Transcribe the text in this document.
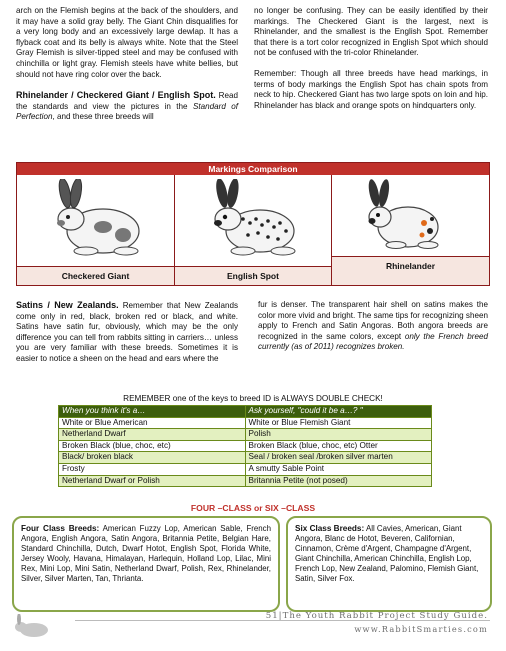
arch on the Flemish begins at the back of the shoulders, and it may have a solid gray belly. The Giant Chin disqualifies for a very long body and an excessively large dewlap. It has a flyback coat and its belly is always white. Note that the Steel Gray Flemish is silver-tipped steel and may be confused with chinchilla or light gray. Flemish steels have white bellies, but should not have ring color over the back.

Rhinelander / Checkered Giant / English Spot. Read the standards and view the pictures in the Standard of Perfection, and these three breeds will

no longer be confusing. They can be easily identified by their markings. The Checkered Giant is the largest, next is Rhinelander, and the smallest is the English Spot. Remember that there is a tort color recognized in English Spot which should not be confused with the tri-color Rhinelander.

Remember: Though all three breeds have head markings, in terms of body markings the English Spot has chain spots from neck to hip. Checkered Giant has two large spots on loin and hip. Rhinelander has black and orange spots on hindquarters only.

Markings Comparison
Checkered Giant	English Spot
Rhinelander

Satins / New Zealands. Remember that New Zealands come only in red, black, broken red or black, and white. Satins have satin fur, obviously, which may be the only difference you can tell from rabbits sitting in carriers… unless you are very familiar with these breeds. Sometimes it is easier to notice a sheen on the head and ears where the

fur is denser. The transparent hair shell on satins makes the color more vivid and bright. The same tips for recognizing sheen apply to French and Satin Angoras. Both angora breeds are recognized in the same colors, except only the French breed currently (as of 2011) recognizes broken.

REMEMBER one of the keys to breed ID is ALWAYS DOUBLE CHECK!
When you think it's a…	Ask yourself, "could it be a…? "
White or Blue American	White or Blue Flemish Giant
Netherland Dwarf	Polish
Broken Black (blue, choc, etc)	Broken Black (blue, choc, etc) Otter
Black/ broken black	Seal / broken seal /broken silver marten
Frosty	A smutty Sable Point
Netherland Dwarf or Polish	Britannia Petite (not posed)
FOUR –CLASS or SIX –CLASS
Four Class Breeds: American Fuzzy Lop, American Sable, French Angora, English Angora, Satin Angora, Britannia Petite, Belgian Hare, Standard Chinchilla, Dutch, Dwarf Hotot, English Spot, Florida White, Jersey Wooly, Havana, Himalayan, Harlequin, Holland Lop, Lilac, Mini Rex, Mini Lop, Mini Satin, Netherland Dwarf, Polish, Rex, Rhinelander, Silver, Silver Marten, Tan, Thrianta.
Six Class Breeds: All Cavies, American, Giant Angora, Blanc de Hotot, Beveren, Californian, Cinnamon, Crème d'Argent, Champagne d'Argent, Giant Chinchilla, American Chinchilla, English Lop, French Lop, New Zealand, Palomino, Flemish Giant, Satin, Silver Fox.
51|The Youth Rabbit Project Study Guide.
www.RabbitSmarties.com
